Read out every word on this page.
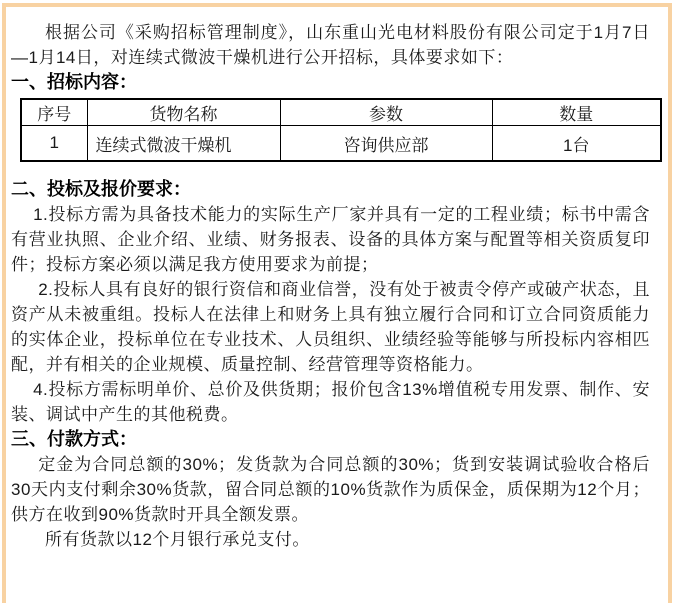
根据公司《采购招标管理制度》，山东重山光电材料股份有限公司定于1月7日—1月14日，对连续式微波干燥机进行公开招标，具体要求如下：

一、招标内容：

序号	货物名称	参数	数量
1	连续式微波干燥机	咨询供应部	1台

二、投标及报价要求：

1.投标方需为具备技术能力的实际生产厂家并具有一定的工程业绩；标书中需含有营业执照、企业介绍、业绩、财务报表、设备的具体方案与配置等相关资质复印件；投标方案必须以满足我方使用要求为前提；

2.投标人具有良好的银行资信和商业信誉，没有处于被责令停产或破产状态，且资产从未被重组。投标人在法律上和财务上具有独立履行合同和订立合同资质能力的实体企业，投标单位在专业技术、人员组织、业绩经验等能够与所投标内容相匹配，并有相关的企业规模、质量控制、经营管理等资格能力。

4.投标方需标明单价、总价及供货期；报价包含13%增值税专用发票、制作、安装、调试中产生的其他税费。

三、付款方式：

定金为合同总额的30%；发货款为合同总额的30%；货到安装调试验收合格后30天内支付剩余30%货款，留合同总额的10%货款作为质保金，质保期为12个月；供方在收到90%货款时开具全额发票。

所有货款以12个月银行承兑支付。
